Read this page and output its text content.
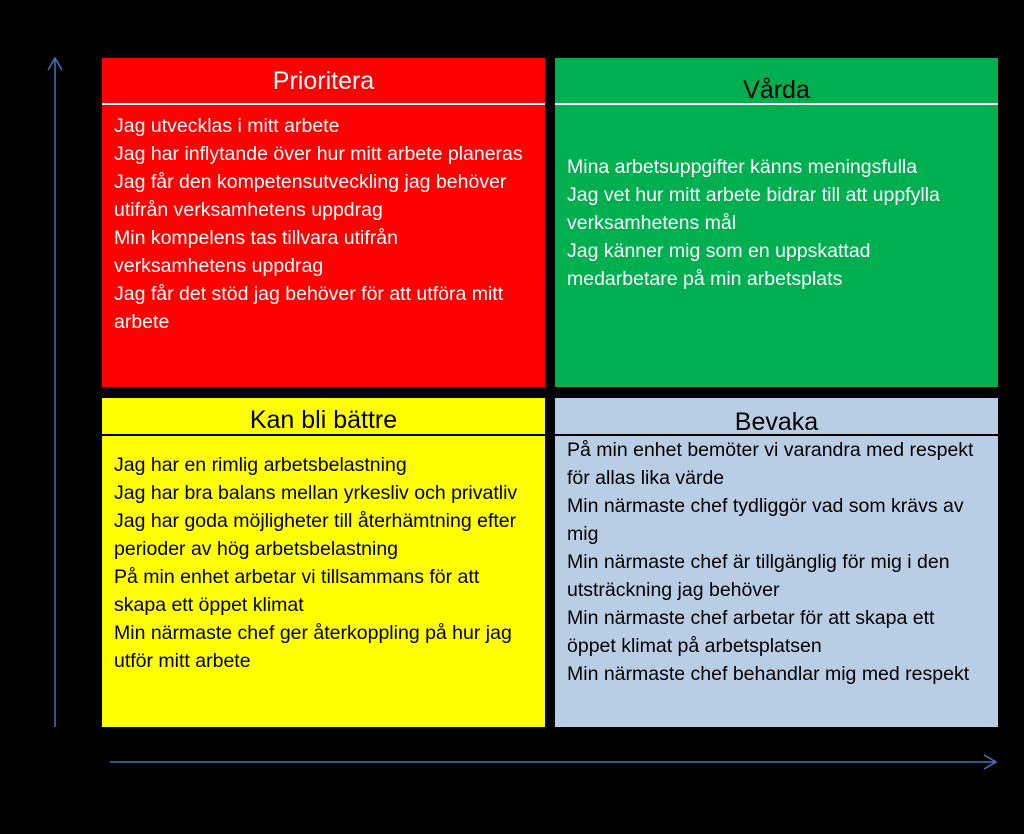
Prioritera
Jag utvecklas i mitt arbete
Jag har inflytande över hur mitt arbete planeras
Jag får den kompetensutveckling jag behöver utifrån verksamhetens uppdrag
Min kompelens tas tillvara utifrån verksamhetens uppdrag
Jag får det stöd jag behöver för att utföra mitt arbete
Vårda
Mina arbetsuppgifter känns meningsfulla
Jag vet hur mitt arbete bidrar till att uppfylla verksamhetens mål
Jag känner mig som en uppskattad medarbetare på min arbetsplats
Kan bli bättre
Jag har en rimlig arbetsbelastning
Jag har bra balans mellan yrkesliv och privatliv
Jag har goda möjligheter till återhämtning efter perioder av hög arbetsbelastning
På min enhet arbetar vi tillsammans för att skapa ett öppet klimat
Min närmaste chef ger återkoppling på hur jag utför mitt arbete
Bevaka
På min enhet bemöter vi varandra med respekt för allas lika värde
Min närmaste chef tydliggör vad som krävs av mig
Min närmaste chef är tillgänglig för mig i den utsträckning jag behöver
Min närmaste chef arbetar för att skapa ett öppet klimat på arbetsplatsen
Min närmaste chef behandlar mig med respekt
